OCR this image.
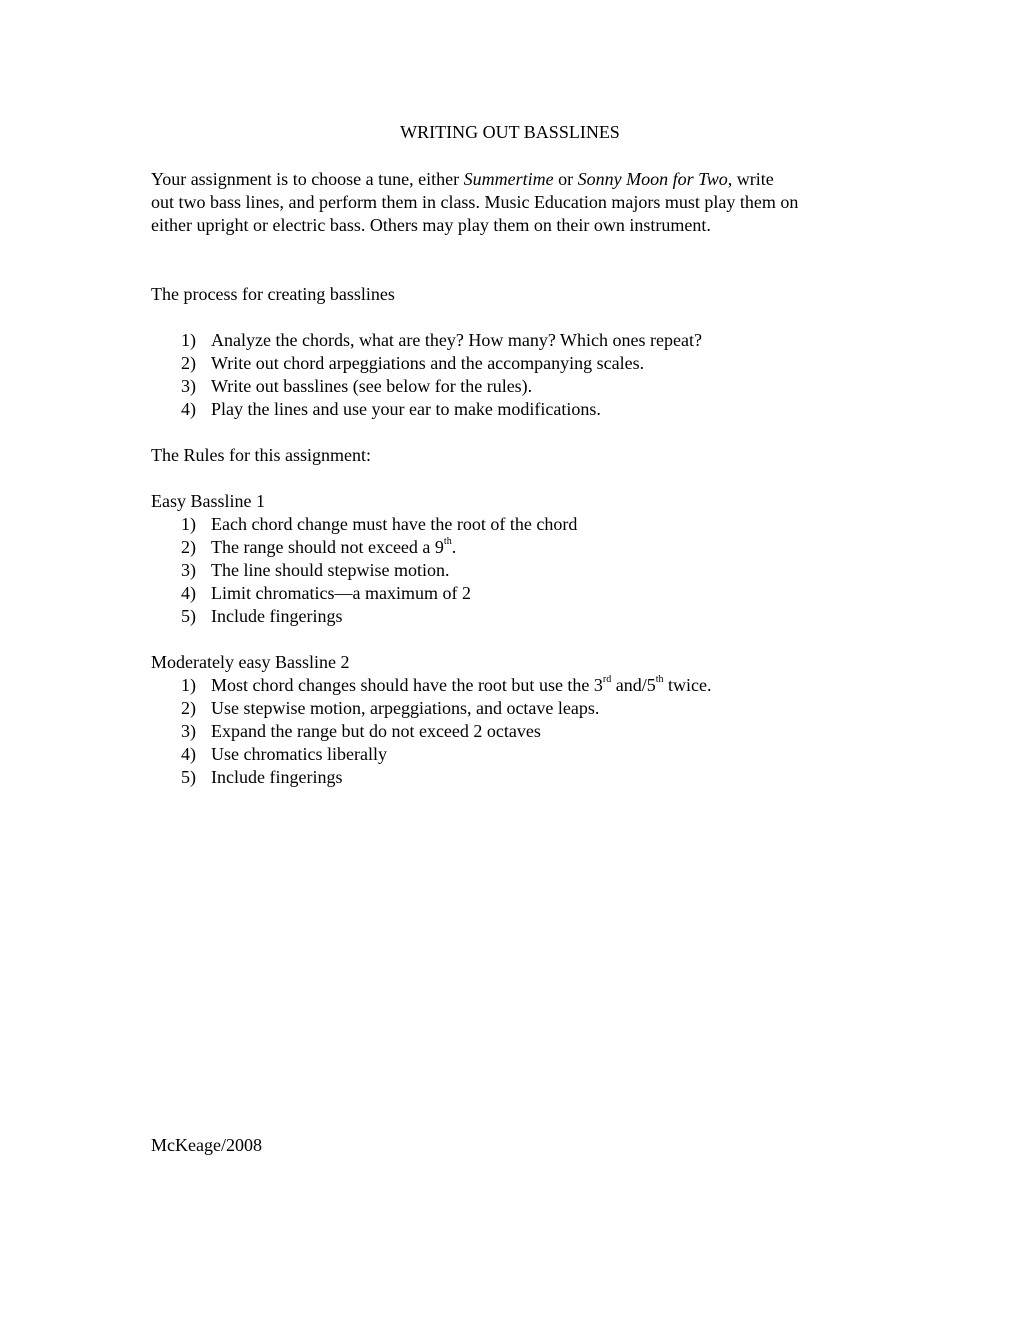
WRITING OUT BASSLINES
Your assignment is to choose a tune, either Summertime or Sonny Moon for Two, write
out two bass lines, and perform them in class. Music Education majors must play them on
either upright or electric bass. Others may play them on their own instrument.
The process for creating basslines
1) Analyze the chords, what are they? How many? Which ones repeat?
2) Write out chord arpeggiations and the accompanying scales.
3) Write out basslines (see below for the rules).
4) Play the lines and use your ear to make modifications.
The Rules for this assignment:
Easy Bassline 1
1) Each chord change must have the root of the chord
2) The range should not exceed a 9th.
3) The line should stepwise motion.
4) Limit chromatics—a maximum of 2
5) Include fingerings
Moderately easy Bassline 2
1) Most chord changes should have the root but use the 3rd and/5th twice.
2) Use stepwise motion, arpeggiations, and octave leaps.
3) Expand the range but do not exceed 2 octaves
4) Use chromatics liberally
5) Include fingerings
McKeage/2008
